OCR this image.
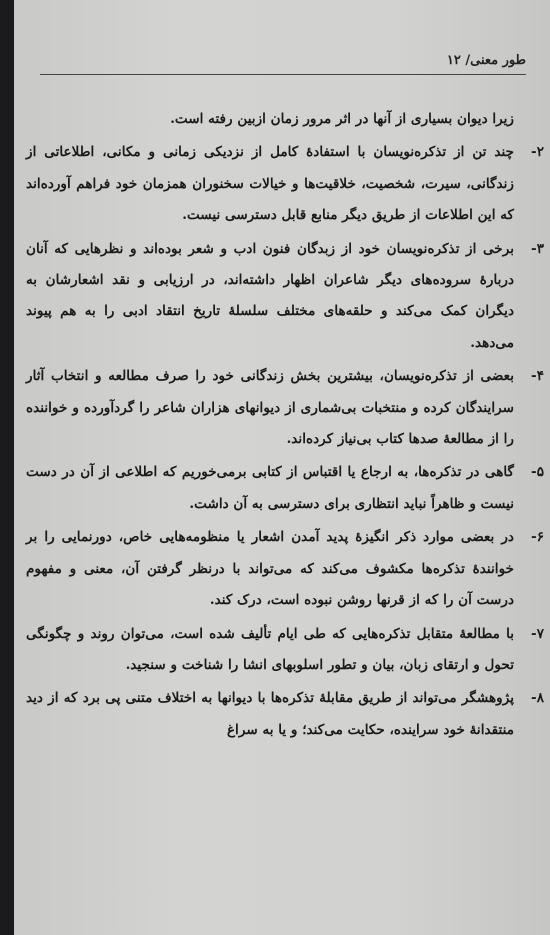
طور معنی/ ۱۲

زیرا دیوان بسیاری از آنها در اثر مرور زمان ازبین رفته است.

۲-
چند تن از تذکره‌نویسان با استفادهٔ کامل از نزدیکی زمانی و مکانی، اطلاعاتی از زندگانی، سیرت، شخصیت، خلاقیت‌ها و خیالات سخنوران همزمان خود فراهم آورده‌اند که این اطلاعات از طریق دیگر منابع قابل دسترسی نیست.
۳-
برخی از تذکره‌نویسان خود از زبدگان فنون ادب و شعر بوده‌اند و نظرهایی که آنان دربارهٔ سروده‌های دیگر شاعران اظهار داشته‌اند، در ارزیابی و نقد اشعارشان به دیگران کمک می‌کند و حلقه‌های مختلف سلسلهٔ تاریخ انتقاد ادبی را به هم پیوند می‌دهد.
۴-
بعضی از تذکره‌نویسان، بیشترین بخش زندگانی خود را صرف مطالعه و انتخاب آثار سرایندگان کرده و منتخبات بی‌شماری از دیوانهای هزاران شاعر را گردآورده و خواننده را از مطالعهٔ صدها کتاب بی‌نیاز کرده‌اند.
۵-
گاهی در تذکره‌ها، به ارجاع یا اقتباس از کتابی برمی‌خوریم که اطلاعی از آن در دست نیست و ظاهراً نباید انتظاری برای دسترسی به آن داشت.
۶-
در بعضی موارد ذکر انگیزهٔ پدید آمدن اشعار یا منظومه‌هایی خاص، دورنمایی را بر خوانندهٔ تذکره‌ها مکشوف می‌کند که می‌تواند با درنظر گرفتن آن، معنی و مفهوم درست آن را که از قرنها روشن نبوده است، درک کند.
۷-
با مطالعهٔ متقابل تذکره‌هایی که طی ایام تألیف شده است، می‌توان روند و چگونگی تحول و ارتقای زبان، بیان و تطور اسلوبهای انشا را شناخت و سنجید.
۸-
پژوهشگر می‌تواند از طریق مقابلهٔ تذکره‌ها با دیوانها به اختلاف متنی پی برد که از دید منتقدانهٔ خود سراینده، حکایت می‌کند؛ و یا به سراغ
